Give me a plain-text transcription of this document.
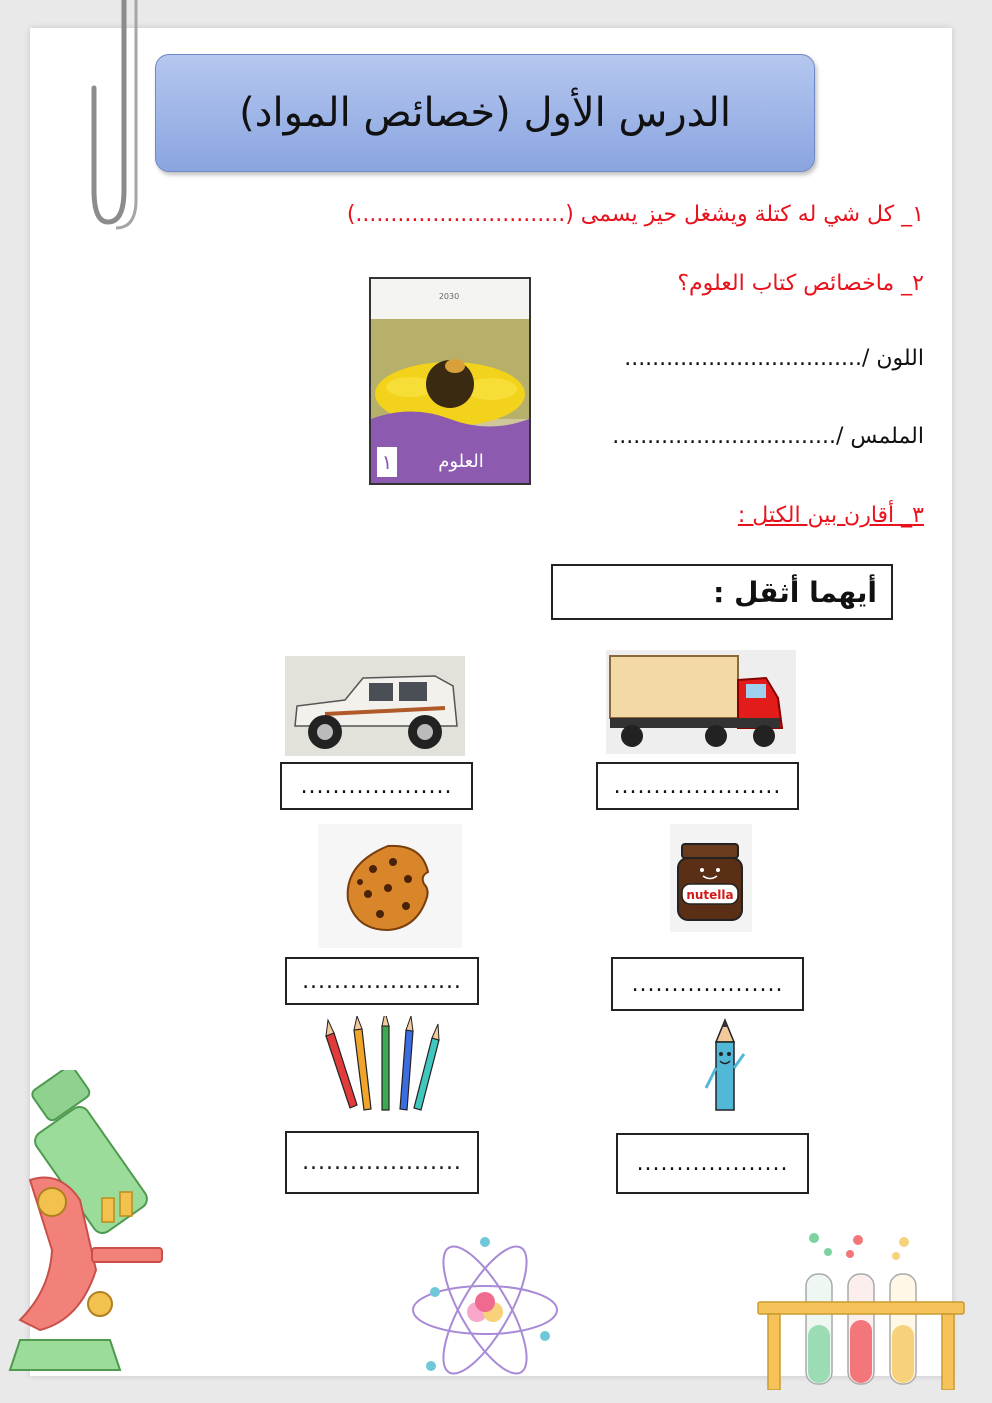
الدرس الأول (خصائص المواد)
١_ كل شي له كتلة ويشغل حيز يسمى (..............................)
٢_ ماخصائص كتاب العلوم؟
اللون /..................................
الملمس /................................
٣_ أقارن بين الكتل :
١	العلوم
2030
أيهما أثقل :
...................	.....................
nutella
....................	...................
....................	...................
